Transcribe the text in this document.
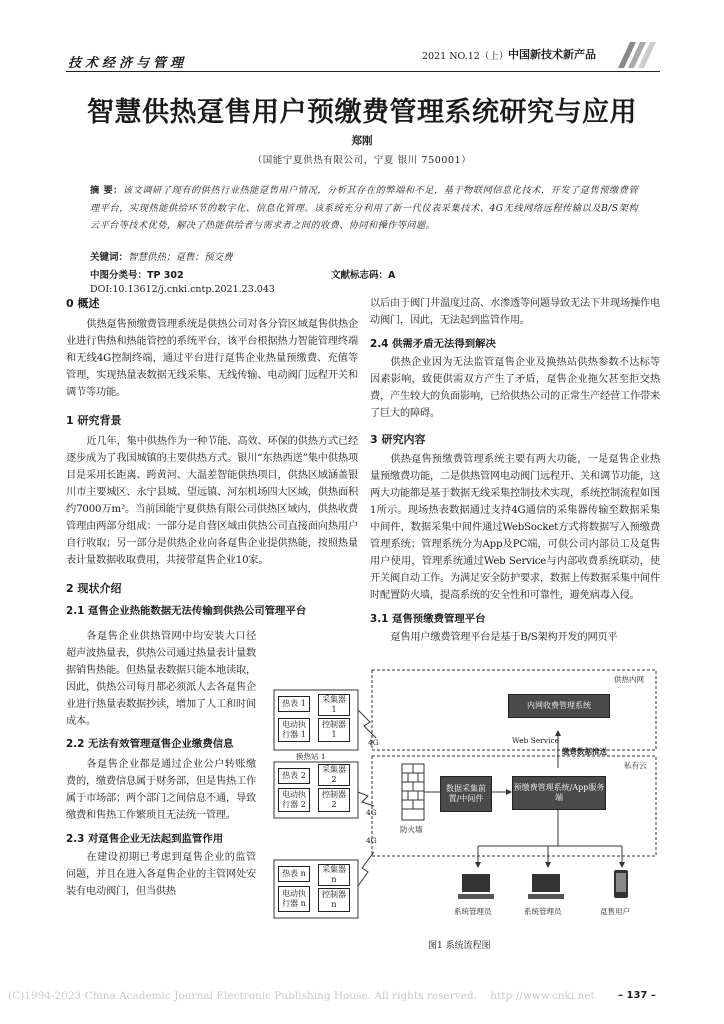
技术经济与管理	2021 NO.12（上） 中国新技术新产品
智慧供热趸售用户预缴费管理系统研究与应用
郑刚
（国能宁夏供热有限公司，宁夏 银川 750001）
摘 要：该文调研了现有的供热行业热能趸售用户情况，分析其存在的弊端和不足，基于物联网信息化技术，开发了趸售预缴费管理平台，实现热能供给环节的数字化、信息化管理。该系统充分利用了新一代仪表采集技术、4G无线网络远程传输以及B/S架构云平台等技术优势，解决了热能供给者与需求者之间的收费、协同和操作等问题。
关键词：智慧供热；趸售；预交费
中图分类号：TP 302	文献标志码：A
DOI:10.13612/j.cnki.cntp.2021.23.043
0 概述

供热趸售预缴费管理系统是供热公司对各分管区域趸售供热企业进行售热和热能管控的系统平台，该平台根据热力智能管理终端和无线4G控制终端，通过平台进行趸售企业热量预缴费、充值等管理，实现热量表数据无线采集、无线传输、电动阀门远程开关和调节等功能。

1 研究背景

近几年，集中供热作为一种节能、高效、环保的供热方式已经逐步成为了我国城镇的主要供热方式。银川“东热西送”集中供热项目是采用长距离、跨黄河、大温差智能供热项目，供热区域涵盖银川市主要城区、永宁县城、望远镇、河东机场四大区域，供热面积约7000万m²。当前国能宁夏供热有限公司供热区域内，供热收费管理由两部分组成：一部分是自营区域由供热公司直接面向热用户自行收取；另一部分是供热企业向各趸售企业提供热能，按照热量表计量数据收取费用，共接带趸售企业10家。

2 现状介绍
2.1 趸售企业热能数据无法传输到供热公司管理平台

各趸售企业供热管网中均安装大口径超声波热量表，供热公司通过热量表计量数据销售热能。但热量表数据只能本地读取，因此，供热公司每月都必须派人去各趸售企业进行热量表数据抄读，增加了人工和时间成本。

2.2 无法有效管理趸售企业缴费信息

各趸售企业都是通过企业公户转账缴费的，缴费信息属于财务部，但是售热工作属于市场部；两个部门之间信息不通，导致缴费和售热工作繁琐且无法统一管理。

2.3 对趸售企业无法起到监管作用

在建设初期已考虑到趸售企业的监管问题，并且在进入各趸售企业的主管网处安装有电动阀门，但当供热

以后由于阀门井温度过高、水渗透等问题导致无法下井现场操作电动阀门，因此，无法起到监管作用。

2.4 供需矛盾无法得到解决

供热企业因为无法监管趸售企业及换热站供热参数不达标等因素影响，致使供需双方产生了矛盾，趸售企业拖欠甚至拒交热费，产生较大的负面影响，已给供热公司的正常生产经营工作带来了巨大的障碍。

3 研究内容

供热趸售预缴费管理系统主要有两大功能，一是趸售企业热量预缴费功能，二是供热管网电动阀门远程开、关和调节功能，这两大功能都是基于数据无线采集控制技术实现，系统控制流程如图1所示。现场热表数据通过支持4G通信的采集器传输至数据采集中间件，数据采集中间件通过WebSocket方式将数据写入预缴费管理系统；管理系统分为App及PC端，可供公司内部员工及趸售用户使用，管理系统通过Web Service与内部收费系统联动，使开关阀自动工作。为满足安全防护要求，数据上传数据采集中间件时配置防火墙，提高系统的安全性和可靠性，避免病毒入侵。

3.1 趸售预缴费管理平台

趸售用户缴费管理平台是基于B/S架构开发的网页平

供热内网
私有云
内网收费管理系统
Web Service
缴费数据推送
数据采集前置/中间件
预缴费管理系统/App服务端
防火墙
4G
4G
4G
热表 1
电动执行器 1
采集器 1
控制器 1
换热站 1
热表 2
电动执行器 2
采集器 2
控制器 2
热表 n
电动执行器 n
采集器 n
控制器 n
系统管理员	系统管理员	趸售用户
图1 系统流程图
(C)1994-2023 China Academic Journal Electronic Publishing House. All rights reserved.    http://www.cnki.net – 137 –
